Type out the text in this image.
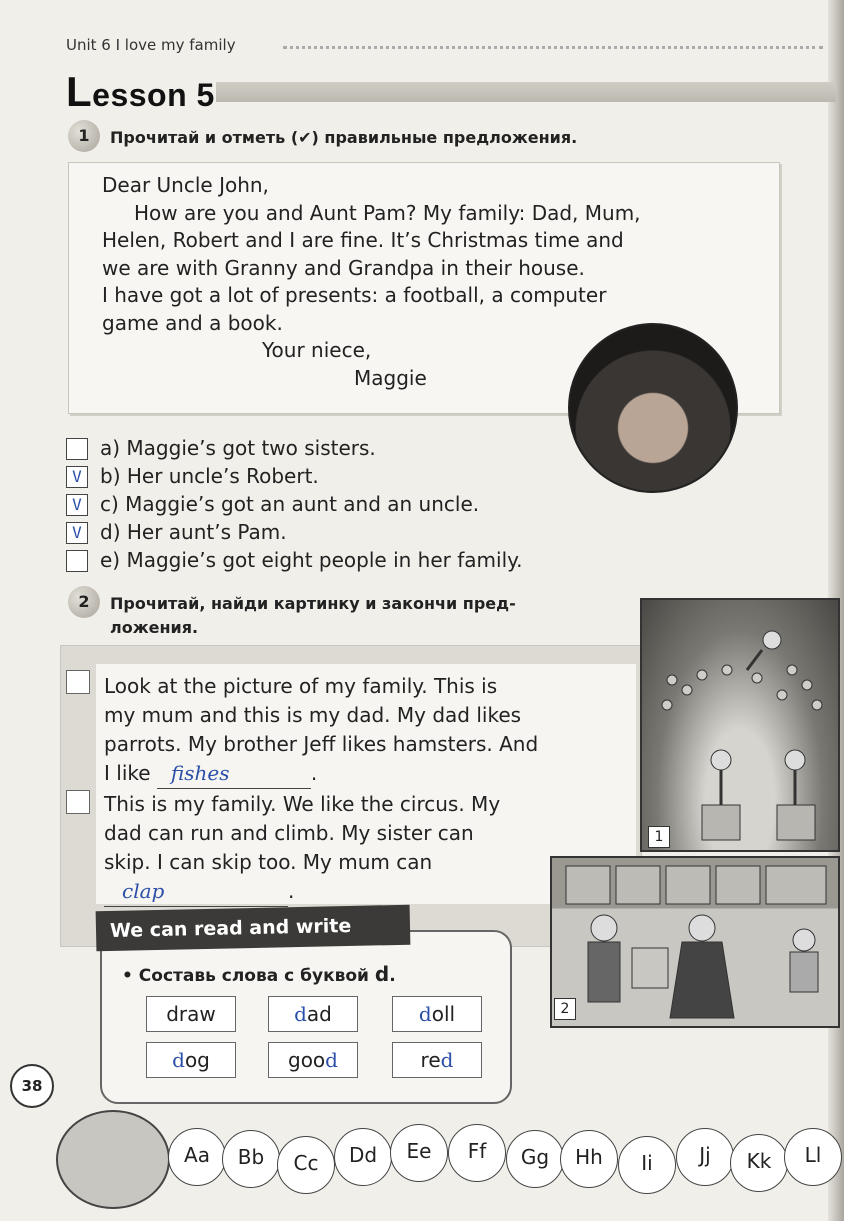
Unit 6 I love my family
Lesson 5
1	Прочитай и отметь (✔) правильные предложения.
Dear Uncle John,
How are you and Aunt Pam? My family: Dad, Mum,
Helen, Robert and I are fine. It’s Christmas time and
we are with Granny and Grandpa in their house.
I have got a lot of presents: a football, a computer
game and a book.
Your niece,
Maggie
a) Maggie’s got two sisters.
V b) Her uncle’s Robert.
V c) Maggie’s got an aunt and an uncle.
V d) Her aunt’s Pam.
e) Maggie’s got eight people in her family.
2	Прочитай, найди картинку и закончи пред-
ложения.
Look at the picture of my family. This is
my mum and this is my dad. My dad likes
parrots. My brother Jeff likes hamsters. And
I like fishes	.
This is my family. We like the circus. My
dad can run and climb. My sister can
skip. I can skip too. My mum can
clap	.
1
2
We can read and write
• Составь слова с буквой d.
draw	dad	doll
dog	good	red
38
Aa	Bb	Cc	Dd	Ee	Ff	Gg	Hh	Ii	Jj	Kk	Ll
